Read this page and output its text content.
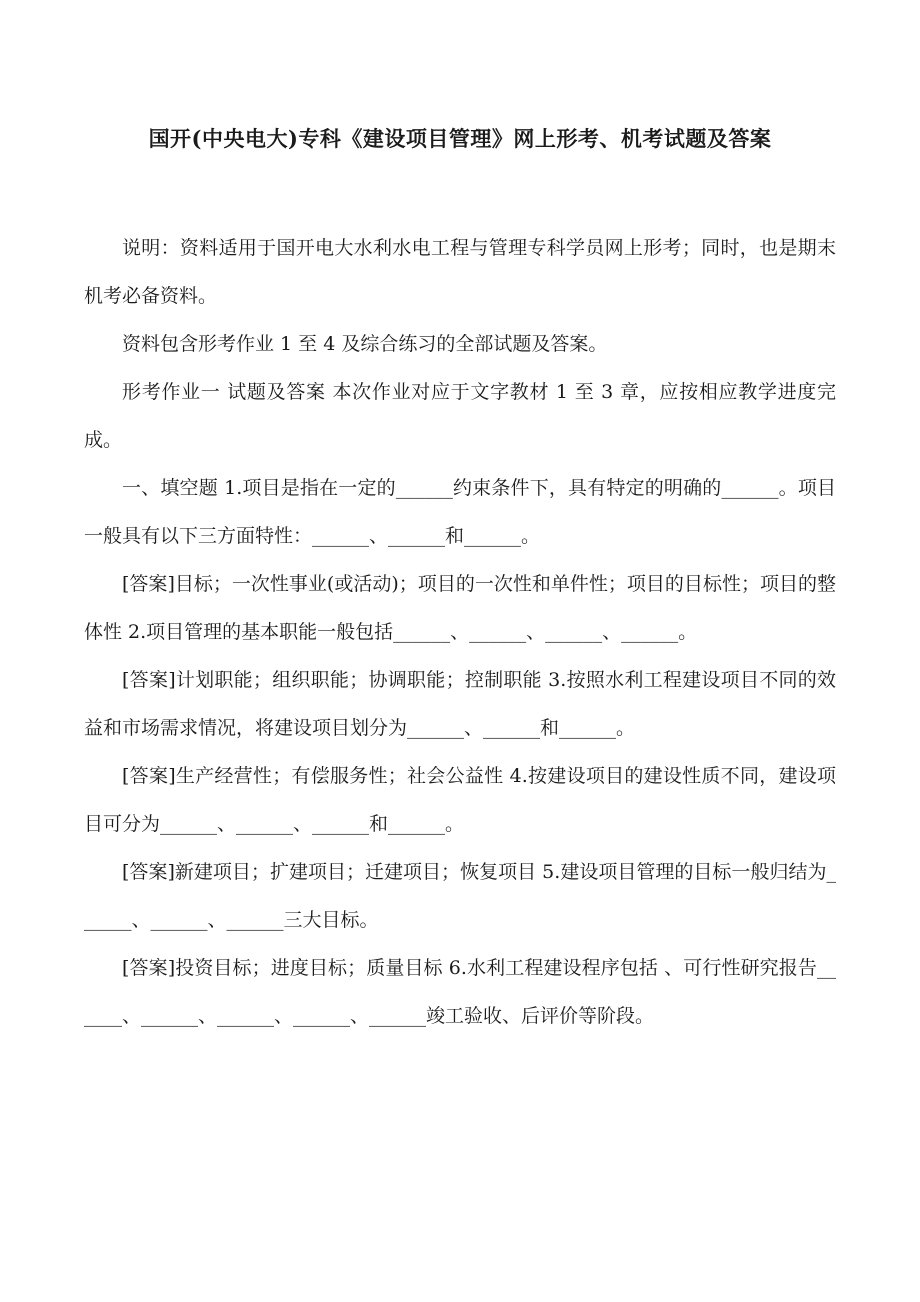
国开(中央电大)专科《建设项目管理》网上形考、机考试题及答案

说明：资料适用于国开电大水利水电工程与管理专科学员网上形考；同时，也是期末机考必备资料。

资料包含形考作业 1 至 4 及综合练习的全部试题及答案。

形考作业一 试题及答案 本次作业对应于文字教材 1 至 3 章，应按相应教学进度完成。

一、填空题 1.项目是指在一定的______约束条件下，具有特定的明确的______。项目一般具有以下三方面特性：______、______和______。

[答案]目标；一次性事业(或活动)；项目的一次性和单件性；项目的目标性；项目的整体性 2.项目管理的基本职能一般包括______、______、______、______。

[答案]计划职能；组织职能；协调职能；控制职能 3.按照水利工程建设项目不同的效益和市场需求情况，将建设项目划分为______、______和______。

[答案]生产经营性；有偿服务性；社会公益性 4.按建设项目的建设性质不同，建设项目可分为______、______、______和______。

[答案]新建项目；扩建项目；迁建项目；恢复项目 5.建设项目管理的目标一般归结为______、______、______三大目标。

[答案]投资目标；进度目标；质量目标 6.水利工程建设程序包括 、可行性研究报告______、______、______、______、______竣工验收、后评价等阶段。
